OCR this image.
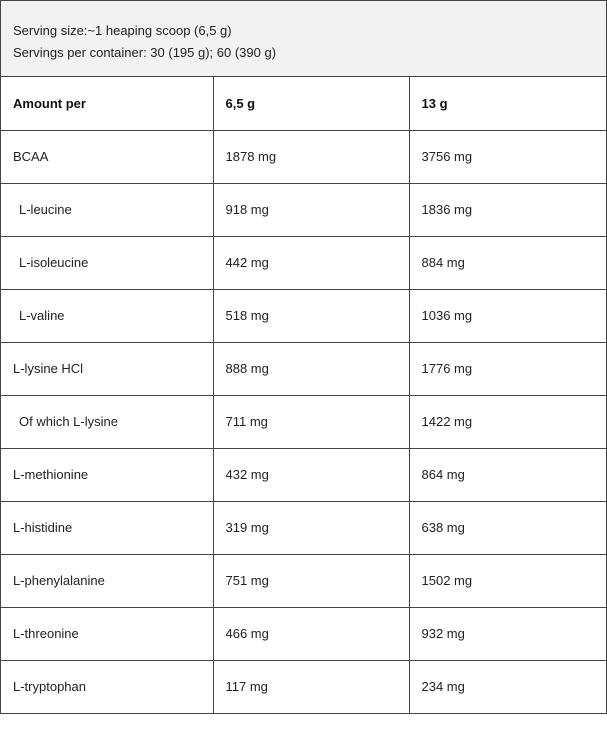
Serving size:~1 heaping scoop (6,5 g)
Servings per container: 30 (195 g); 60 (390 g)
Amount per	6,5 g	13 g
BCAA	1878 mg	3756 mg
L-leucine	918 mg	1836 mg
L-isoleucine	442 mg	884 mg
L-valine	518 mg	1036 mg
L-lysine HCl	888 mg	1776 mg
Of which L-lysine	711 mg	1422 mg
L-methionine	432 mg	864 mg
L-histidine	319 mg	638 mg
L-phenylalanine	751 mg	1502 mg
L-threonine	466 mg	932 mg
L-tryptophan	117 mg	234 mg
